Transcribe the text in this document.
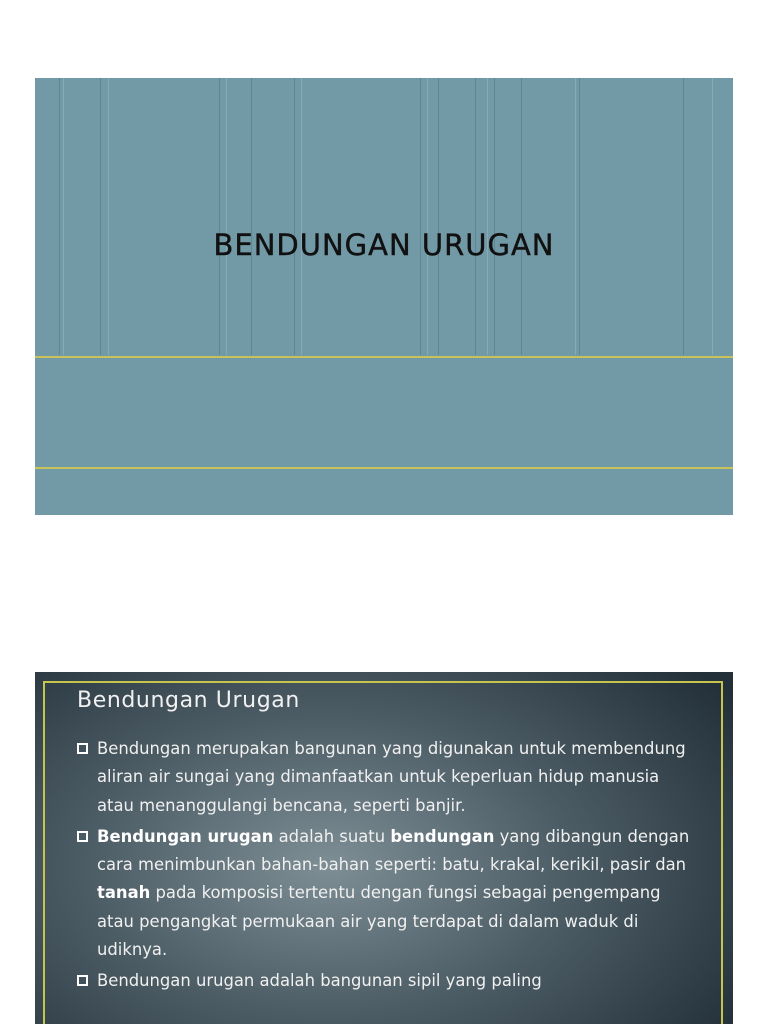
BENDUNGAN URUGAN
Bendungan Urugan
Bendungan merupakan bangunan yang digunakan untuk membendung aliran air sungai yang dimanfaatkan untuk keperluan hidup manusia atau menanggulangi bencana, seperti banjir.
Bendungan urugan adalah suatu bendungan yang dibangun dengan cara menimbunkan bahan-bahan seperti: batu, krakal, kerikil, pasir dan tanah pada komposisi tertentu dengan fungsi sebagai pengempang atau pengangkat permukaan air yang terdapat di dalam waduk di udiknya.
Bendungan urugan adalah bangunan sipil yang paling
